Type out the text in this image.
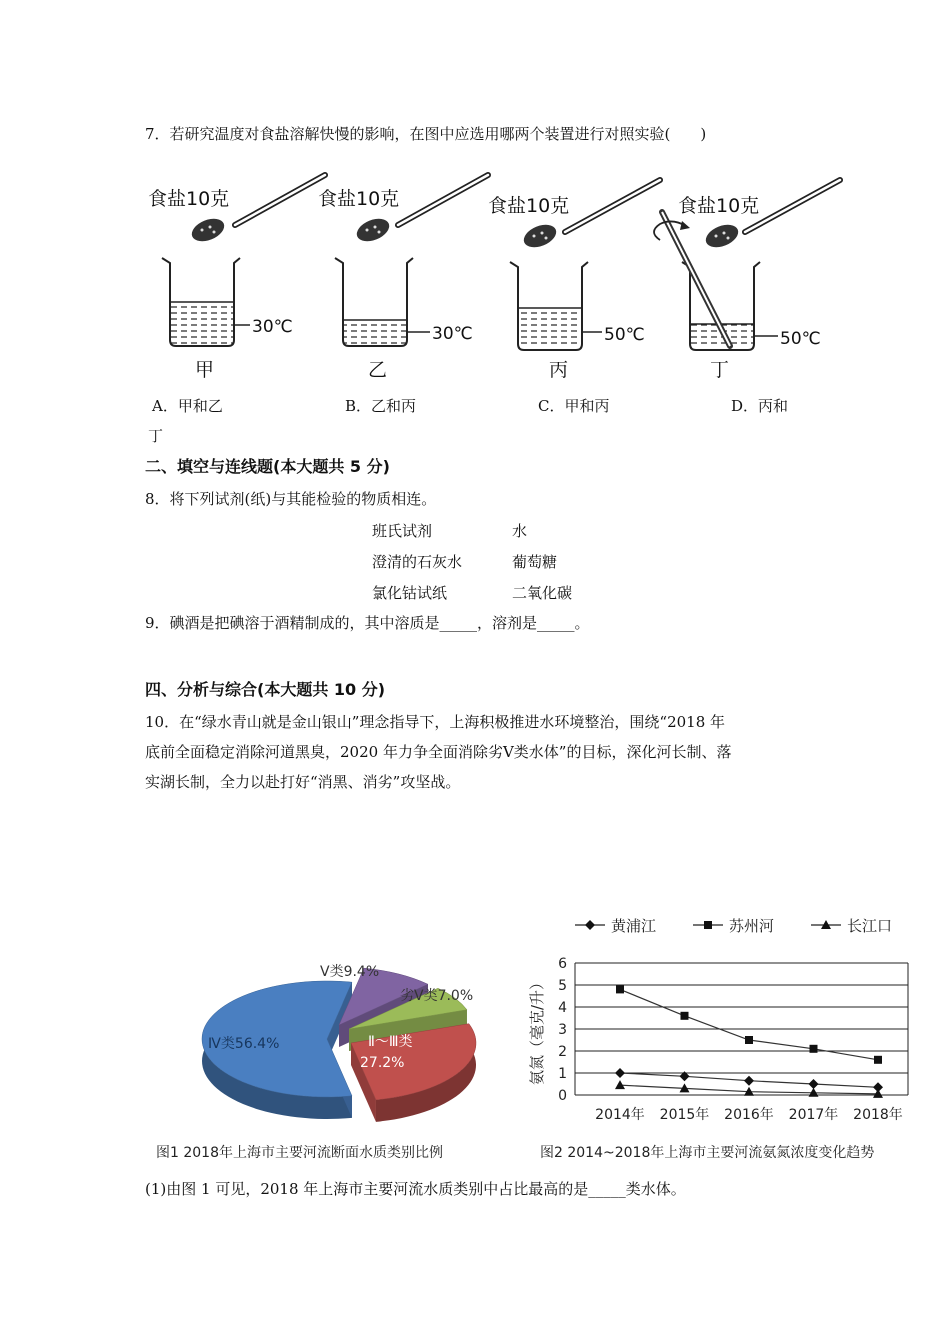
7．若研究温度对食盐溶解快慢的影响，在图中应选用哪两个装置进行对照实验(　　)
食盐10克
30℃
甲
食盐10克
30℃
乙
食盐10克
50℃
丙
食盐10克
50℃
丁
A．甲和乙	B．乙和丙	C．甲和丙	D．丙和
丁
二、填空与连线题(本大题共 5 分)
8．将下列试剂(纸)与其能检验的物质相连。
班氏试剂	水
澄清的石灰水	葡萄糖
氯化钴试纸	二氧化碳
9．碘酒是把碘溶于酒精制成的，其中溶质是_____，溶剂是_____。
四、分析与综合(本大题共 10 分)
10．在“绿水青山就是金山银山”理念指导下，上海积极推进水环境整治，围绕“2018 年
底前全面稳定消除河道黑臭，2020 年力争全面消除劣Ⅴ类水体”的目标，深化河长制、落
实湖长制，全力以赴打好“消黑、消劣”攻坚战。
Ⅳ类56.4%
Ⅴ类9.4%
劣Ⅴ类7.0%
Ⅱ～Ⅲ类
27.2%
图1 2018年上海市主要河流断面水质类别比例
黄浦江	苏州河	长江口
氨氮（毫克/升）
0
1
2
3
4
5
6
2014年 2015年 2016年 2017年 2018年
图2 2014~2018年上海市主要河流氨氮浓度变化趋势
(1)由图 1 可见，2018 年上海市主要河流水质类别中占比最高的是_____类水体。
